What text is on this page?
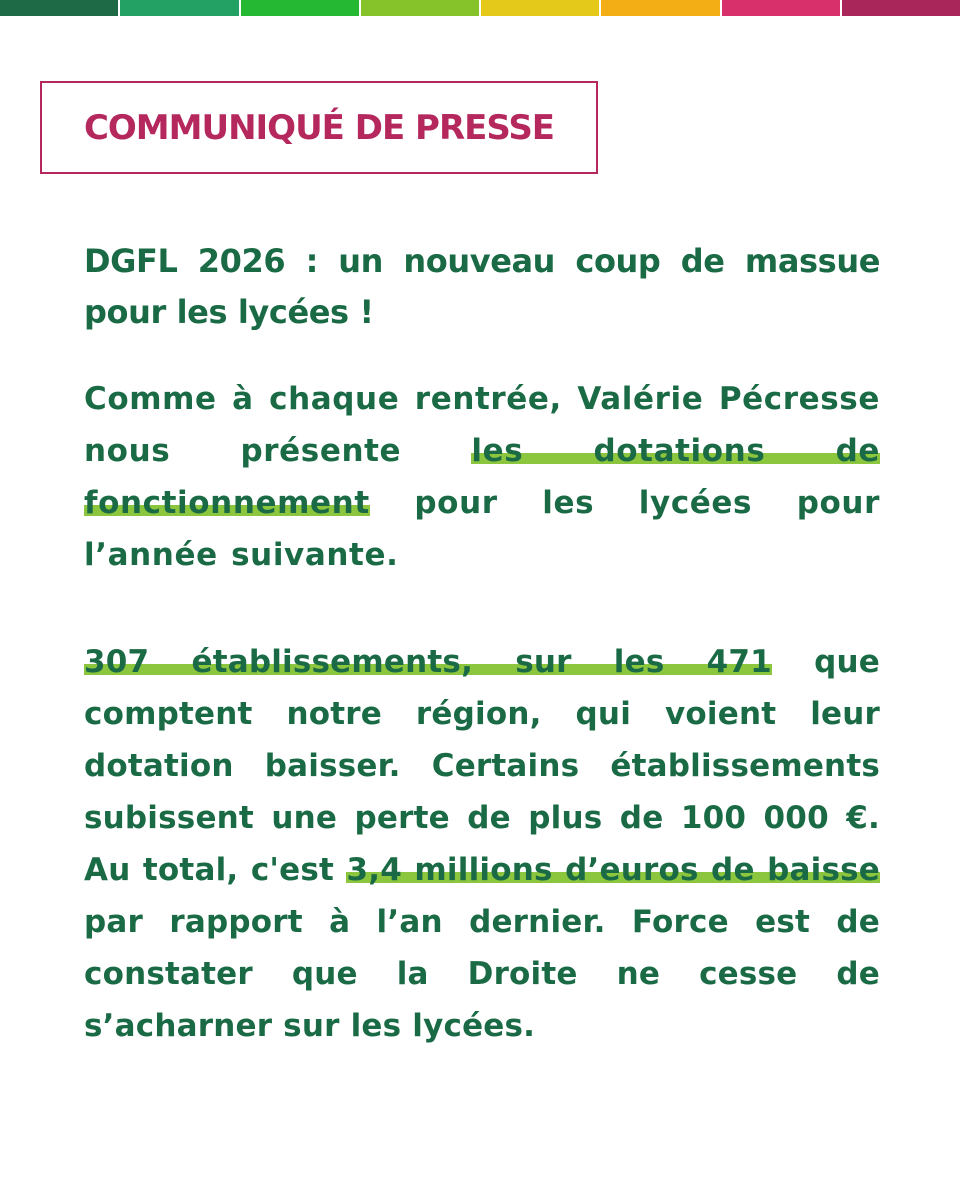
COMMUNIQUÉ DE PRESSE
DGFL 2026 : un nouveau coup de massue pour les lycées !
Comme à chaque rentrée, Valérie Pécresse nous présente les dotations de fonctionnement pour les lycées pour l’année suivante.
307 établissements, sur les 471 que comptent notre région, qui voient leur dotation baisser. Certains établissements subissent une perte de plus de 100 000 €. Au total, c'est 3,4 millions d’euros de baisse par rapport à l’an dernier. Force est de constater que la Droite ne cesse de s’acharner sur les lycées.
